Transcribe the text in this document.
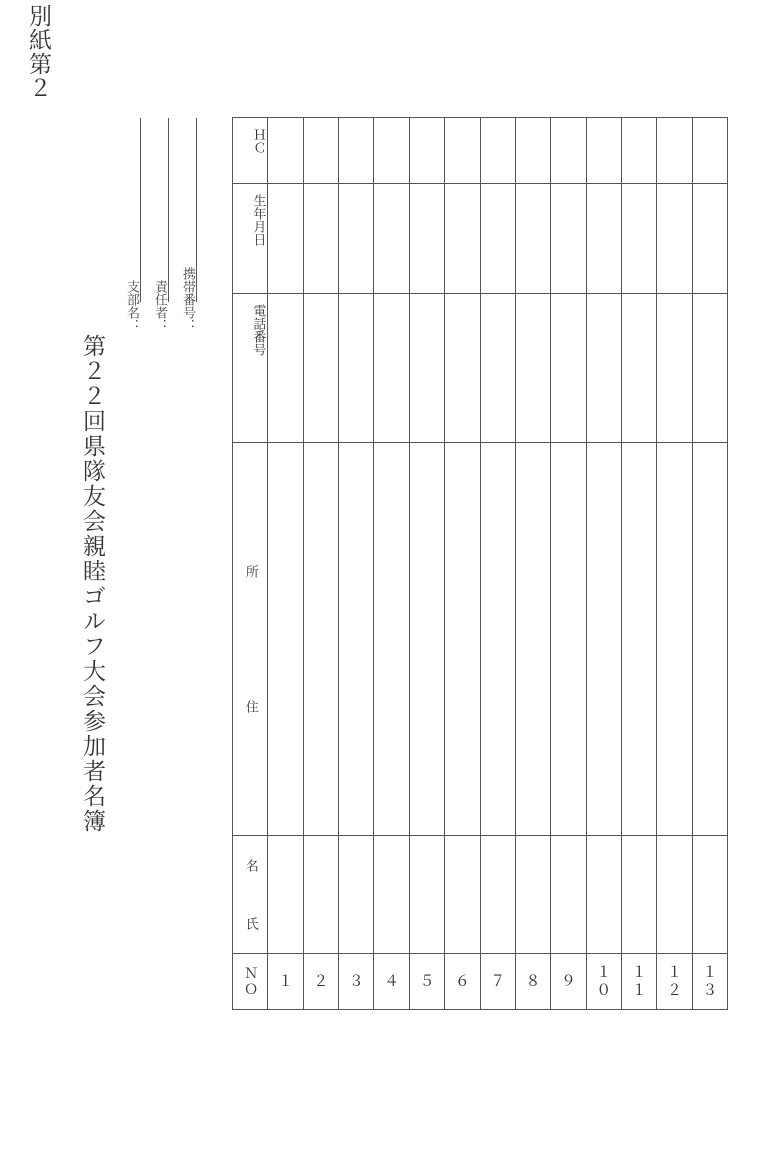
別紙第２
第２２回県隊友会親睦ゴルフ大会参加者名簿
支部名： 責任者： 携帯番号：
ＨＣ
生年月日
電話番号
所
住
名
氏
ＮＯ １ ２ ３ ４ ５ ６ ７ ８ ９ １０ １１ １２ １３
